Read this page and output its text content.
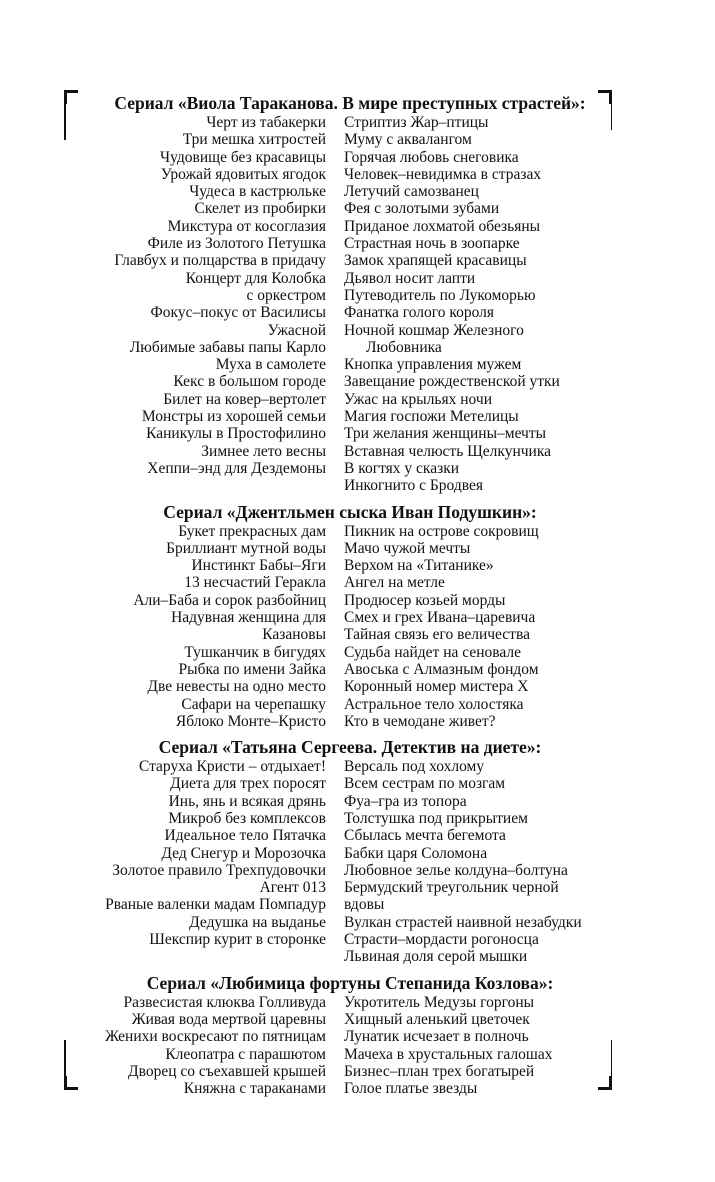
Сериал «Виола Тараканова. В мире преступных страстей»:
Черт из табакерки
Три мешка хитростей
Чудовище без красавицы
Урожай ядовитых ягодок
Чудеса в кастрюльке
Скелет из пробирки
Микстура от косоглазия
Филе из Золотого Петушка
Главбух и полцарства в придачу
Концерт для Колобка
с оркестром
Фокус–покус от Василисы
Ужасной
Любимые забавы папы Карло
Муха в самолете
Кекс в большом городе
Билет на ковер–вертолет
Монстры из хорошей семьи
Каникулы в Простофилино
Зимнее лето весны
Хеппи–энд для Дездемоны
Стриптиз Жар–птицы
Муму с аквалангом
Горячая любовь снеговика
Человек–невидимка в стразах
Летучий самозванец
Фея с золотыми зубами
Приданое лохматой обезьяны
Страстная ночь в зоопарке
Замок храпящей красавицы
Дьявол носит лапти
Путеводитель по Лукоморью
Фанатка голого короля
Ночной кошмар Железного
Любовника
Кнопка управления мужем
Завещание рождественской утки
Ужас на крыльях ночи
Магия госпожи Метелицы
Три желания женщины–мечты
Вставная челюсть Щелкунчика
В когтях у сказки
Инкогнито с Бродвея
Сериал «Джентльмен сыска Иван Подушкин»:
Букет прекрасных дам
Бриллиант мутной воды
Инстинкт Бабы–Яги
13 несчастий Геракла
Али–Баба и сорок разбойниц
Надувная женщина для
Казановы
Тушканчик в бигудях
Рыбка по имени Зайка
Две невесты на одно место
Сафари на черепашку
Яблоко Монте–Кристо
Пикник на острове сокровищ
Мачо чужой мечты
Верхом на «Титанике»
Ангел на метле
Продюсер козьей морды
Смех и грех Ивана–царевича
Тайная связь его величества
Судьба найдет на сеновале
Авоська с Алмазным фондом
Коронный номер мистера Х
Астральное тело холостяка
Кто в чемодане живет?
Сериал «Татьяна Сергеева. Детектив на диете»:
Старуха Кристи – отдыхает!
Диета для трех поросят
Инь, янь и всякая дрянь
Микроб без комплексов
Идеальное тело Пятачка
Дед Снегур и Морозочка
Золотое правило Трехпудовочки
Агент 013
Рваные валенки мадам Помпадур
Дедушка на выданье
Шекспир курит в сторонке
Версаль под хохлому
Всем сестрам по мозгам
Фуа–гра из топора
Толстушка под прикрытием
Сбылась мечта бегемота
Бабки царя Соломона
Любовное зелье колдуна–болтуна
Бермудский треугольник черной
вдовы
Вулкан страстей наивной незабудки
Страсти–мордасти рогоносца
Львиная доля серой мышки
Сериал «Любимица фортуны Степанида Козлова»:
Развесистая клюква Голливуда
Живая вода мертвой царевны
Женихи воскресают по пятницам
Клеопатра с парашютом
Дворец со съехавшей крышей
Княжна с тараканами
Укротитель Медузы горгоны
Хищный аленький цветочек
Лунатик исчезает в полночь
Мачеха в хрустальных галошах
Бизнес–план трех богатырей
Голое платье звезды
